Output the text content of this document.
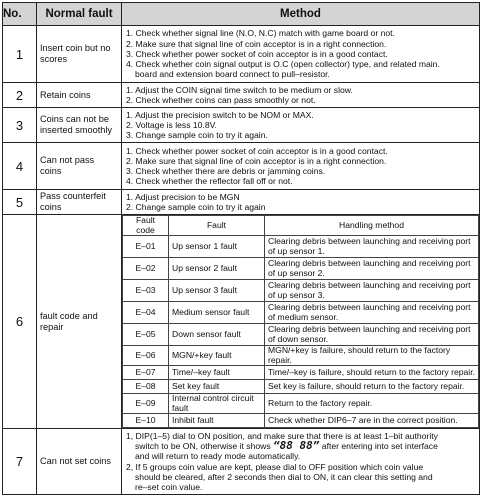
No.	Normal fault	Method
1	Insert coin but no scores	
1. Check whether signal line (N.O, N.C) match with game board or not.
2. Make sure that signal line of coin acceptor is in a right connection.
3. Check whether power socket of coin acceptor is in a good contact.
4. Check whether coin signal output is O.C (open collector) type, and related main.
board and extension board connect to pull–resistor.

2	Retain coins	1. Adjust the COIN signal time switch to be medium or slow.
2. Check whether coins can pass smoothly or not.

3	Coins can not be inserted smoothly	
1. Adjust the precision switch to be NOM or MAX.
2. Voltage is less 10.8V.
3. Change sample coin to try it again.

4	Can not pass coins	
1. Check whether power socket of coin acceptor is in a good contact.
2. Make sure that signal line of coin acceptor is in a right connection.
3. Check whether there are debris or jamming coins.
4. Check whether the reflector fall off or not.

5	Pass counterfeit coins	
1. Adjust precision to be MGN
2. Change sample coin to try it again

6	fault code and repair	
Fault code	Fault	Handling method
E–01	Up sensor 1 fault	Clearing debris between launching and receiving port of up sensor 1.
E–02	Up sensor 2 fault	Clearing debris between launching and receiving port of up sensor 2.
E–03	Up sensor 3 fault	Clearing debris between launching and receiving port of up sensor 3.
E–04	Medium sensor fault	Clearing debris between launching and receiving port of medium sensor.
E–05	Down sensor fault	Clearing debris between launching and receiving port of down sensor.
E–06	MGN/+key fault	MGN/+key is failure, should return to the factory repair.
E–07	Time/–key fault	Time/–key is failure, should return to the factory repair.
E–08	Set key fault	Set key is failure, should return to the factory repair.
E–09	Internal control circuit fault	Return to the factory repair.
E–10	Inhibit fault	Check whether DIP6–7 are in the correct position.

7	Can not set coins	
1, DIP(1–5) dial to ON position, and make sure that there is at least 1–bit authority
switch to be ON, otherwise it shows “88 88” after entering into set interface
and will return to ready mode automatically.
2, If 5 groups coin value are kept, please dial to OFF position which coin value
should be cleared, after 2 seconds then dial to ON, it can clear this setting and
re–set coin value.
